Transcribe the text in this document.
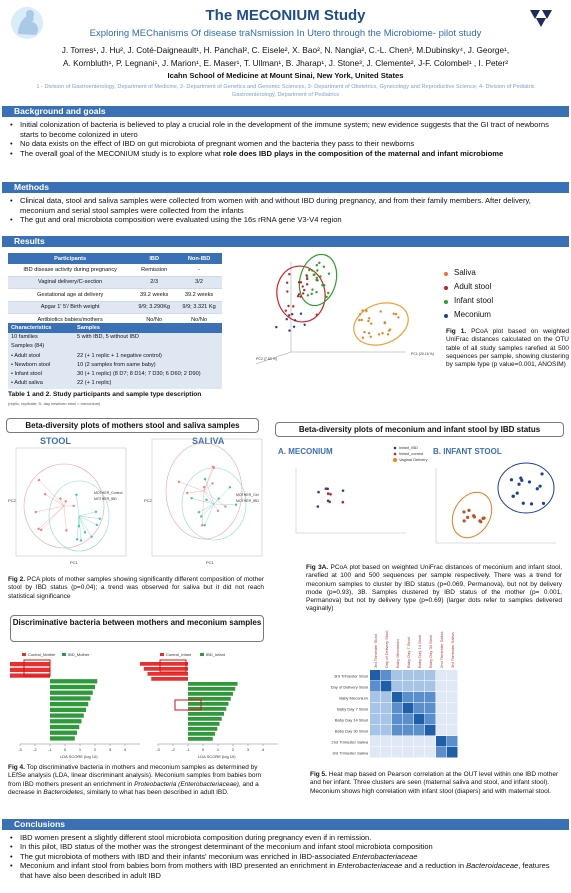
The MECONIUM Study
Exploring MEChanisms Of disease traNsmission In Utero through the Microbiome- pilot study
J. Torres¹, J. Hu², J. Coté-Daigneault¹, H. Panchal², C. Eisele², X. Bao², N. Nangia², C.-L. Chen³, M.Dubinsky⁴, J. George¹,
A. Kornbluth¹, P. Legnani¹, J. Marion¹, E. Maser¹, T. Ullman¹, B. Jharap¹, J. Stone³, J. Clemente², J-F. Colombel¹ , I. Peter²
Icahn School of Medicine at Mount Sinai, New York, United States
1 - Division of Gastroenterology, Department of Medicine, 2- Department of Genetics and Genomic Sciences, 3- Department of Obstetrics, Gynecology and Reproductive Science; 4- Division of Pediatric Gastroenterology, Department of Pediatrics
Background and goals
• Initial colonization of bacteria is believed to play a crucial role in the development of the immune system; new evidence suggests that the GI tract of newborns starts to become colonized in utero
• No data exists on the effect of IBD on gut microbiota of pregnant women and the bacteria they pass to their newborns
• The overall goal of the MECONIUM study is to explore what role does IBD plays in the composition of the maternal and infant microbiome
Methods
• Clinical data, stool and saliva samples were collected from women with and without IBD during pregnancy, and from their family members. After delivery, meconium and serial stool samples were collected from the infants
• The gut and oral microbiota composition were evaluated using the 16s rRNA gene V3-V4 region
Results
Participants	IBD	Non-IBD
IBD disease activity during pregnancy	Remission	-
Vaginal delivery/C-section	2/3	3/2
Gestational age at delivery	39.2 weeks	39.2 weeks
Apgar 1' 5'/ Birth weight	9/9; 3.290Kg	9/9; 3.321 Kg
Antibiotics babies/mothers	No/No	No/No
Characteristics	Samples
10 families	5 with IBD, 5 without IBD
Samples (84)	
• Adult stool	22 (+ 1 replic + 1 negative control)
• Newborn stool	10 (2 samples from same baby)
• Infant stool	30 (+ 1 replic) (8 D7; 8 D14; 7 D30; 6 D60; 2 D90)
• Adult saliva	22 (+ 1 replic)
Table 1 and 2. Study participants and sample type description
(replic, replicate; D, day newborn stool = meconium)
PC1 (20.16 %)
PC2 (7.83 %)
Saliva
Adult stool
Infant stool
Meconium
Fig 1. PCoA plot based on weighted UniFrac distances calculated on the OTU table of all study samples rarefied at 500 sequences per sample, showing clustering by sample type (p value=0.001, ANOSIM)
Beta-diversity plots of mothers stool and saliva samples
STOOL	SALIVA
MOTHER_Control
MOTHER_IBD
MOTHER_Ctrl
MOTHER_IBD
PC1
PC2
PC1
PC2
Fig 2. PCA plots of mother samples showing significantly different composition of mother stool by IBD status (p=0.04); a trend was observed for saliva but it did not reach statistical significance
Beta-diversity plots of meconium and infant stool by IBD status
A. MECONIUM	B. INFANT STOOL
Infant_IBD
Infant_control
Vaginal Delivery
Fig 3A. PCoA plot based on weighted UniFrac distances of meconium and infant stool, rarefied at 100 and 500 sequences per sample respectively. There was a trend for meconium samples to cluster by IBD status (p=0.069, Permanova), but not by delivery mode (p=0.93), 3B. Samples clustered by IBD status of the mother (p= 0.001, Permanova) but not by delivery type (p=0.69) (larger dots refer to samples delivered vaginally)
Discriminative bacteria between mothers and meconium samples
Control_Mother	IBD_Mother	Control_Infant	IBD_Infant
-3	-2	-1	0	1	2	3	4	-3	-2	-1	0	1	2	3	4
LDA SCORE (log 10)	LDA SCORE (log 10)
Fig 4. Top discriminative bacteria in mothers and meconium samples as determined by LEfSe analysis (LDA, linear discriminant analysis). Meconium samples from babies born from IBD mothers present an enrichment in Proteobacteria (Enterobacteriaceae), and a decrease in Bacteroidetes, similarly to what has been described in adult IBD.
3rd Trimester Stool
3rd Trimester Stool
Day of Delivery Stool
Day of Delivery Stool
Baby Meconium
Baby Meconium
Baby Day 7 Stool
Baby Day 7 Stool
Baby Day 14 Stool
Baby Day 14 Stool
Baby Day 30 Stool
Baby Day 30 Stool
2nd Trimester Saliva
2nd Trimester Saliva
3rd Trimester Saliva
3rd Trimester Saliva
Fig 5. Heat map based on Pearson correlation at the OUT level within one IBD mother and her infant. Three clusters are seen (maternal saliva and stool, and infant stool). Meconium shows high correlation with infant stool (diapers) and with maternal stool.
Conclusions
• IBD women present a slightly different stool microbiota composition during pregnancy even if in remission.
• In this pilot, IBD status of the mother was the strongest determinant of the meconium and infant stool microbiota composition
• The gut microbiota of mothers with IBD and their infants' meconium was enriched in IBD-associated Enterobacteriaceae
• Meconium and infant stool from babies born from mothers with IBD presented an enrichment in Enterobacteriaceae and a reduction in Bacteroidaceae, features that have also been described in adult IBD
